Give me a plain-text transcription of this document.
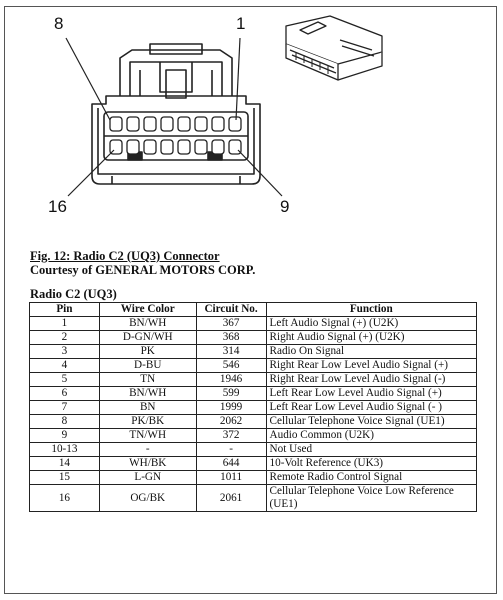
8	1
16	9
Fig. 12: Radio C2 (UQ3) Connector
Courtesy of GENERAL MOTORS CORP.
Radio C2 (UQ3)
Pin	Wire Color	Circuit No.	Function
1	BN/WH	367	Left Audio Signal (+) (U2K)
2	D-GN/WH	368	Right Audio Signal (+) (U2K)
3	PK	314	Radio On Signal
4	D-BU	546	Right Rear Low Level Audio Signal (+)
5	TN	1946	Right Rear Low Level Audio Signal (-)
6	BN/WH	599	Left Rear Low Level Audio Signal (+)
7	BN	1999	Left Rear Low Level Audio Signal (- )
8	PK/BK	2062	Cellular Telephone Voice Signal (UE1)
9	TN/WH	372	Audio Common (U2K)
10-13	-	-	Not Used
14	WH/BK	644	10-Volt Reference (UK3)
15	L-GN	1011	Remote Radio Control Signal
16	OG/BK	2061	Cellular Telephone Voice Low Reference (UE1)
